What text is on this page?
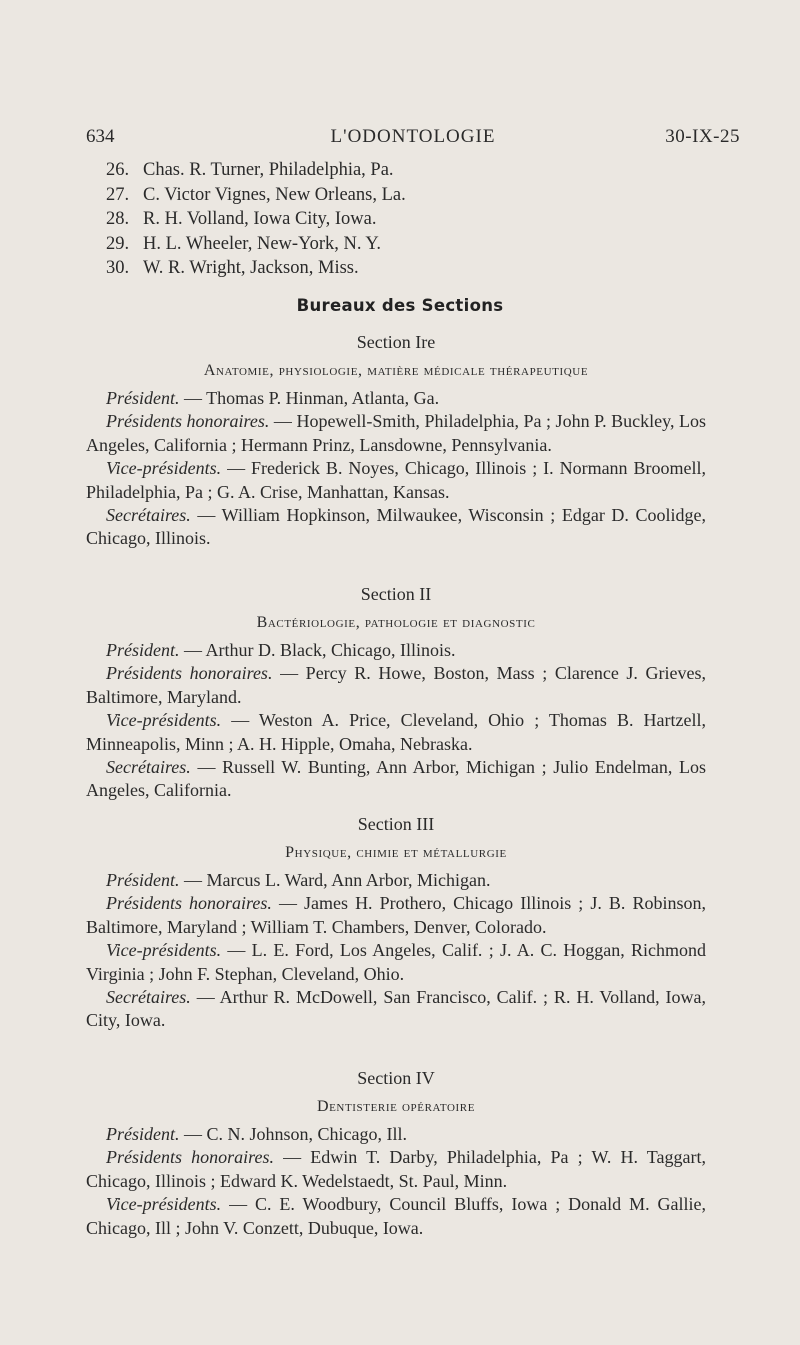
634	L'ODONTOLOGIE	30-IX-25
26. Chas. R. Turner, Philadelphia, Pa.
27. C. Victor Vignes, New Orleans, La.
28. R. H. Volland, Iowa City, Iowa.
29. H. L. Wheeler, New-York, N. Y.
30. W. R. Wright, Jackson, Miss.
Bureaux des Sections
Section Ire
Anatomie, physiologie, matière médicale thérapeutique

Président. — Thomas P. Hinman, Atlanta, Ga.

Présidents honoraires. — Hopewell-Smith, Philadelphia, Pa ; John P. Buckley, Los Angeles, California ; Hermann Prinz, Lansdowne, Pennsylvania.

Vice-présidents. — Frederick B. Noyes, Chicago, Illinois ; I. Normann Broomell, Philadelphia, Pa ; G. A. Crise, Manhattan, Kansas.

Secrétaires. — William Hopkinson, Milwaukee, Wisconsin ; Edgar D. Coolidge, Chicago, Illinois.

Section II
Bactériologie, pathologie et diagnostic

Président. — Arthur D. Black, Chicago, Illinois.

Présidents honoraires. — Percy R. Howe, Boston, Mass ; Clarence J. Grieves, Baltimore, Maryland.

Vice-présidents. — Weston A. Price, Cleveland, Ohio ; Thomas B. Hartzell, Minneapolis, Minn ; A. H. Hipple, Omaha, Nebraska.

Secrétaires. — Russell W. Bunting, Ann Arbor, Michigan ; Julio Endelman, Los Angeles, California.

Section III
Physique, chimie et métallurgie

Président. — Marcus L. Ward, Ann Arbor, Michigan.

Présidents honoraires. — James H. Prothero, Chicago Illinois ; J. B. Robinson, Baltimore, Maryland ; William T. Chambers, Denver, Colorado.

Vice-présidents. — L. E. Ford, Los Angeles, Calif. ; J. A. C. Hoggan, Richmond Virginia ; John F. Stephan, Cleveland, Ohio.

Secrétaires. — Arthur R. McDowell, San Francisco, Calif. ; R. H. Volland, Iowa, City, Iowa.

Section IV
Dentisterie opératoire

Président. — C. N. Johnson, Chicago, Ill.

Présidents honoraires. — Edwin T. Darby, Philadelphia, Pa ; W. H. Taggart, Chicago, Illinois ; Edward K. Wedelstaedt, St. Paul, Minn.

Vice-présidents. — C. E. Woodbury, Council Bluffs, Iowa ; Donald M. Gallie, Chicago, Ill ; John V. Conzett, Dubuque, Iowa.
